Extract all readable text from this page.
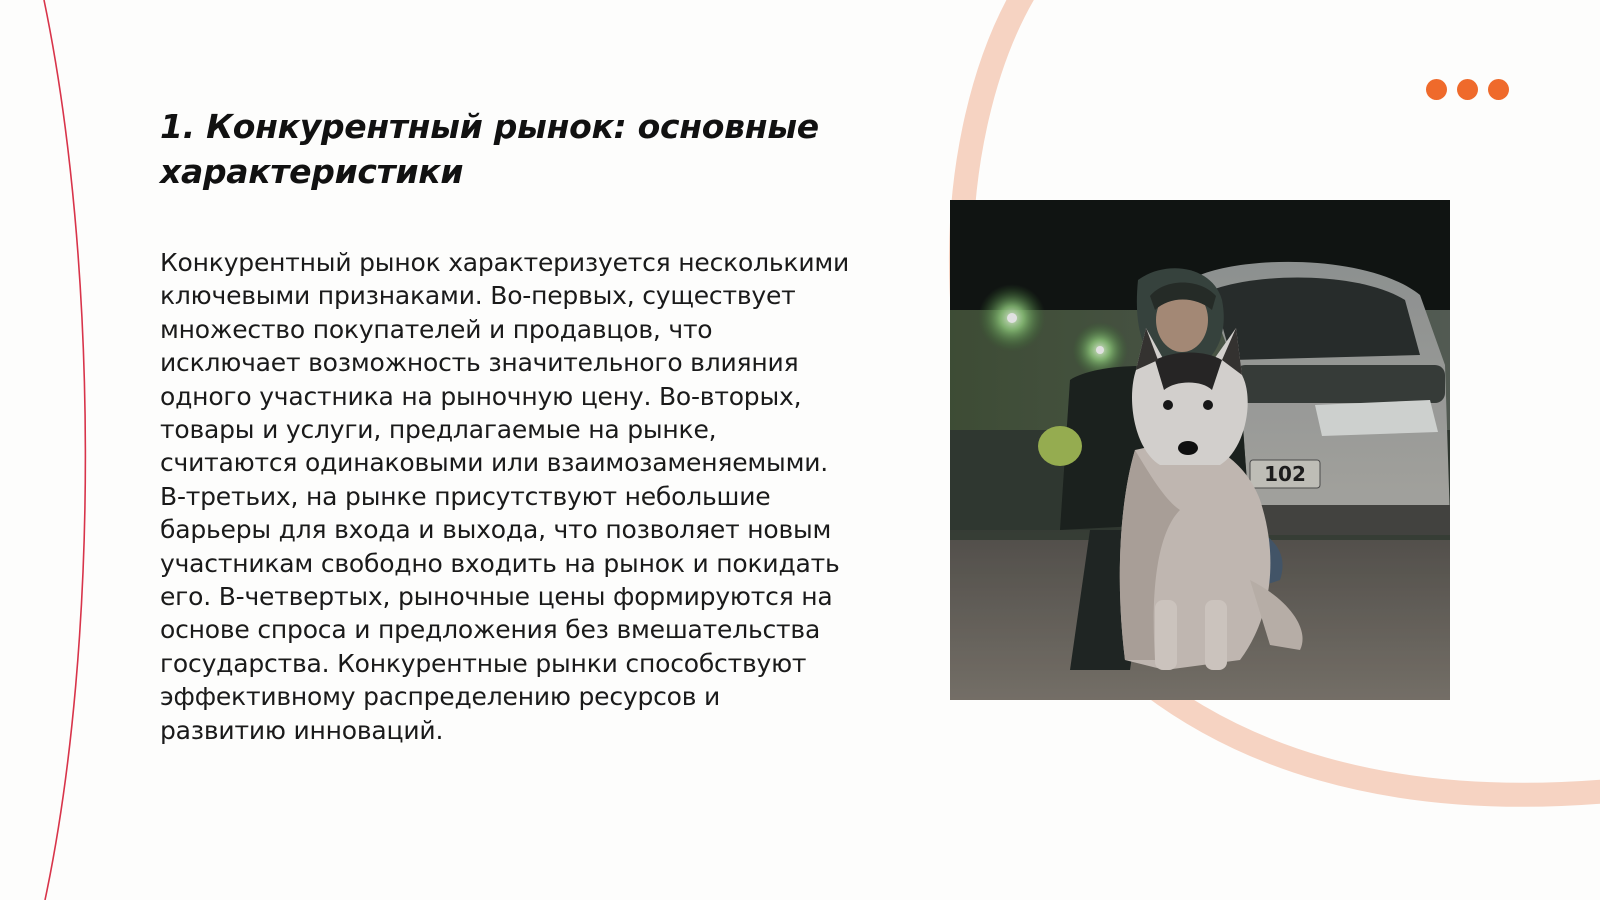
1. Конкурентный рынок: основные характеристики

Конкурентный рынок характеризуется несколькими ключевыми признаками. Во-первых, существует множество покупателей и продавцов, что исключает возможность значительного влияния одного участника на рыночную цену. Во-вторых, товары и услуги, предлагаемые на рынке, считаются одинаковыми или взаимозаменяемыми. В-третьих, на рынке присутствуют небольшие барьеры для входа и выхода, что позволяет новым участникам свободно входить на рынок и покидать его. В-четвертых, рыночные цены формируются на основе спроса и предложения без вмешательства государства. Конкурентные рынки способствуют эффективному распределению ресурсов и развитию инноваций.

102
